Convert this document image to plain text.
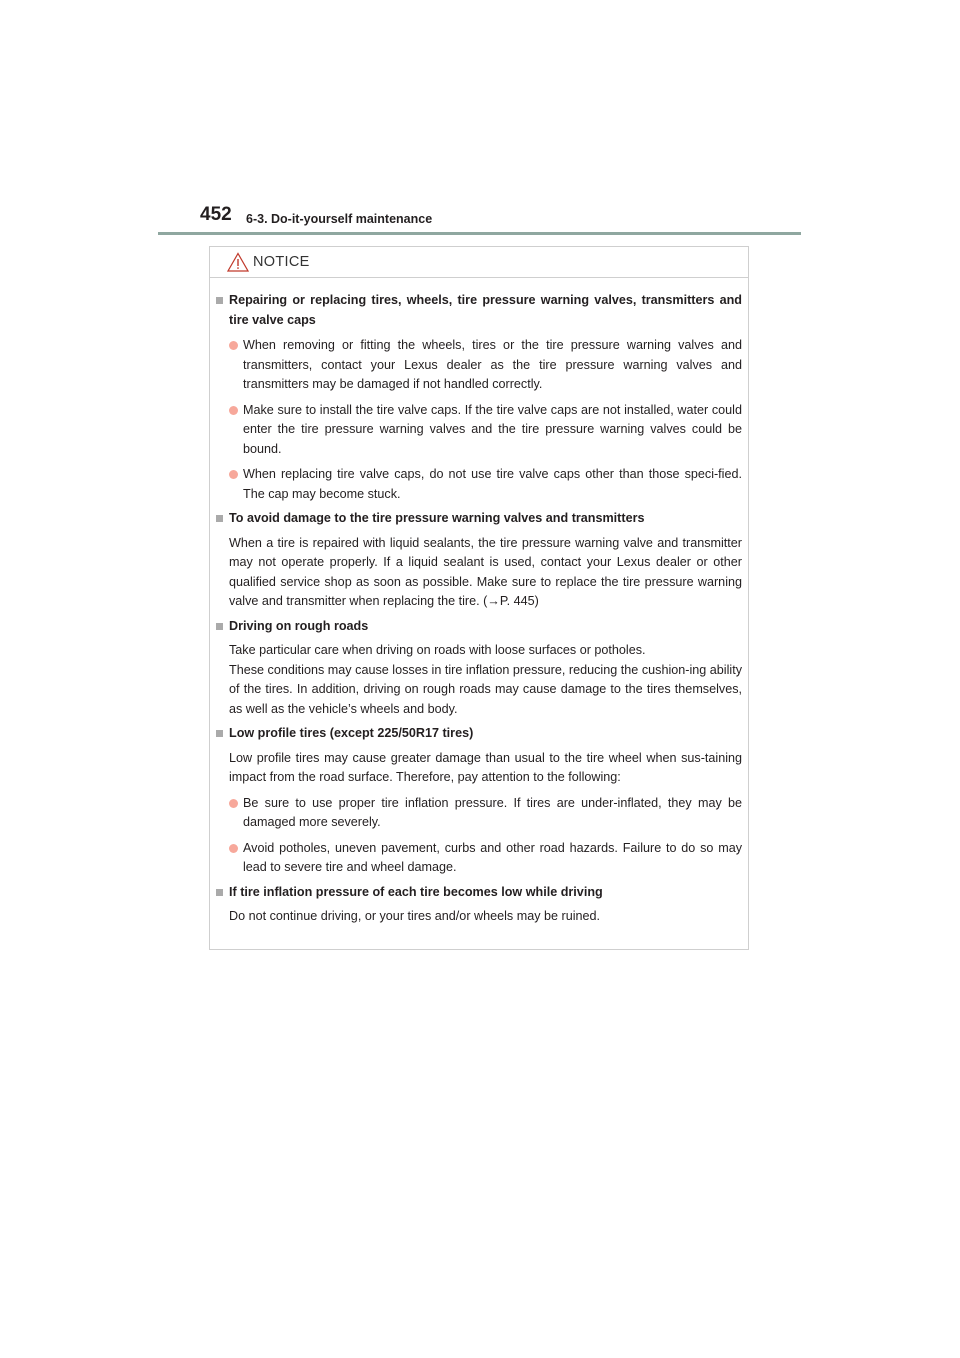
452 6-3. Do-it-yourself maintenance
NOTICE
Repairing or replacing tires, wheels, tire pressure warning valves, transmitters and tire valve caps
When removing or fitting the wheels, tires or the tire pressure warning valves and transmitters, contact your Lexus dealer as the tire pressure warning valves and transmitters may be damaged if not handled correctly.
Make sure to install the tire valve caps. If the tire valve caps are not installed, water could enter the tire pressure warning valves and the tire pressure warning valves could be bound.
When replacing tire valve caps, do not use tire valve caps other than those speci-fied. The cap may become stuck.
To avoid damage to the tire pressure warning valves and transmitters
When a tire is repaired with liquid sealants, the tire pressure warning valve and transmitter may not operate properly. If a liquid sealant is used, contact your Lexus dealer or other qualified service shop as soon as possible. Make sure to replace the tire pressure warning valve and transmitter when replacing the tire. (→P. 445)
Driving on rough roads
Take particular care when driving on roads with loose surfaces or potholes.
These conditions may cause losses in tire inflation pressure, reducing the cushion-ing ability of the tires. In addition, driving on rough roads may cause damage to the tires themselves, as well as the vehicle’s wheels and body.
Low profile tires (except 225/50R17 tires)
Low profile tires may cause greater damage than usual to the tire wheel when sus-taining impact from the road surface. Therefore, pay attention to the following:
Be sure to use proper tire inflation pressure. If tires are under-inflated, they may be damaged more severely.
Avoid potholes, uneven pavement, curbs and other road hazards. Failure to do so may lead to severe tire and wheel damage.
If tire inflation pressure of each tire becomes low while driving
Do not continue driving, or your tires and/or wheels may be ruined.
